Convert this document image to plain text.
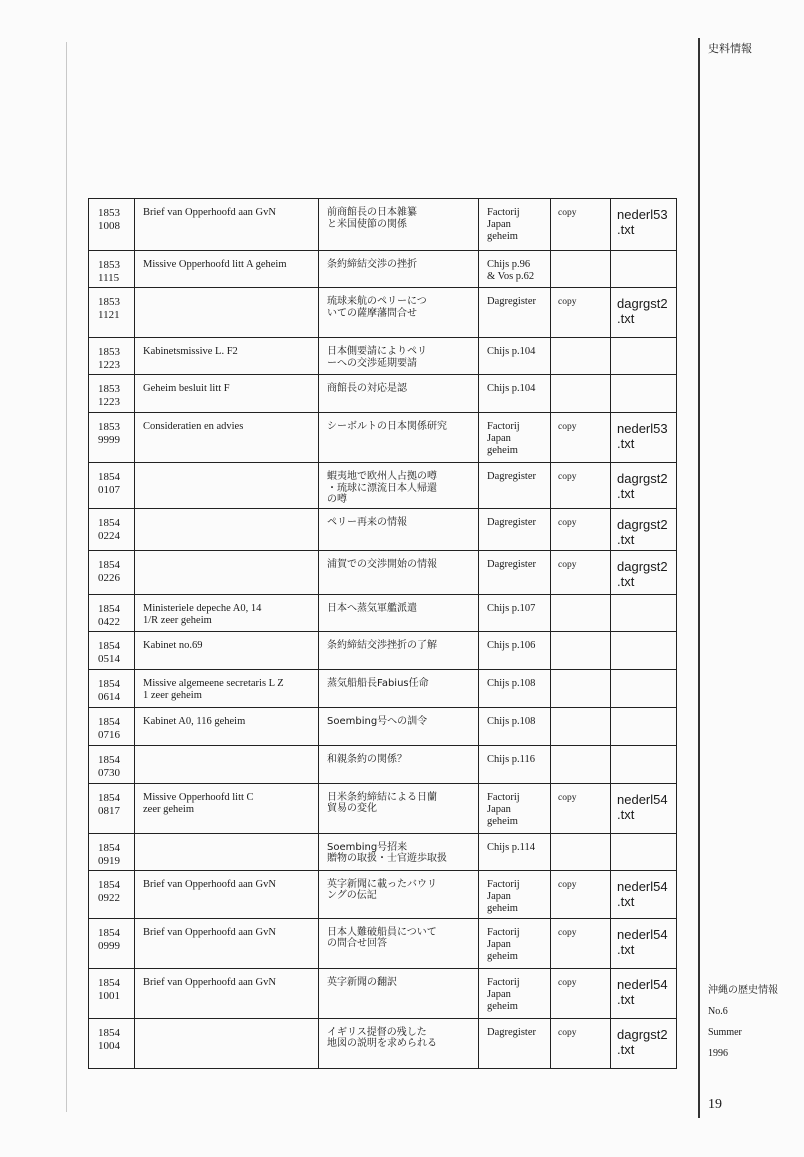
史料情報
1853
1008	Brief van Opperhoofd aan GvN	前商館長の日本雑纂
と米国使節の関係	Factorij
Japan
geheim	copy	nederl53
.txt

1853
1115	Missive Opperhoofd litt A geheim	条約締結交渉の挫折	Chijs p.96
& Vos p.62		

1853
1121		琉球来航のペリーにつ
いての薩摩藩問合せ	Dagregister	copy	dagrgst2
.txt

1853
1223	Kabinetsmissive L. F2	日本側要請によりペリ
ーへの交渉延期要請	Chijs p.104		

1853
1223	Geheim besluit litt F	商館長の対応是認	Chijs p.104		

1853
9999	Consideratien en advies	シーボルトの日本関係研究	Factorij
Japan
geheim	copy	nederl53
.txt

1854
0107		蝦夷地で欧州人占拠の噂
・琉球に漂流日本人帰還
の噂	Dagregister	copy	dagrgst2
.txt

1854
0224		ペリー再来の情報	Dagregister	copy	dagrgst2
.txt

1854
0226		浦賀での交渉開始の情報	Dagregister	copy	dagrgst2
.txt

1854
0422	Ministeriele depeche A0, 14
1/R zeer geheim	日本へ蒸気軍艦派遣	Chijs p.107		

1854
0514	Kabinet no.69	条約締結交渉挫折の了解	Chijs p.106		

1854
0614	Missive algemeene secretaris L Z
1 zeer geheim	蒸気船船長Fabius任命	Chijs p.108		

1854
0716	Kabinet A0, 116 geheim	Soembing号への訓令	Chijs p.108		

1854
0730		和親条約の関係？	Chijs p.116		

1854
0817	Missive Opperhoofd litt C
zeer geheim	日米条約締結による日蘭
貿易の変化	Factorij
Japan
geheim	copy	nederl54
.txt

1854
0919		Soembing号招来
贈物の取扱・士官遊歩取扱	Chijs p.114		

1854
0922	Brief van Opperhoofd aan GvN	英字新聞に載ったバウリ
ングの伝記	Factorij
Japan
geheim	copy	nederl54
.txt

1854
0999	Brief van Opperhoofd aan GvN	日本人難破船員について
の問合せ回答	Factorij
Japan
geheim	copy	nederl54
.txt

1854
1001	Brief van Opperhoofd aan GvN	英字新聞の翻訳	Factorij
Japan
geheim	copy	nederl54
.txt

1854
1004		イギリス提督の残した
地図の説明を求められる	Dagregister	copy	dagrgst2
.txt
沖縄の歴史情報
No.6
Summer
1996
19
